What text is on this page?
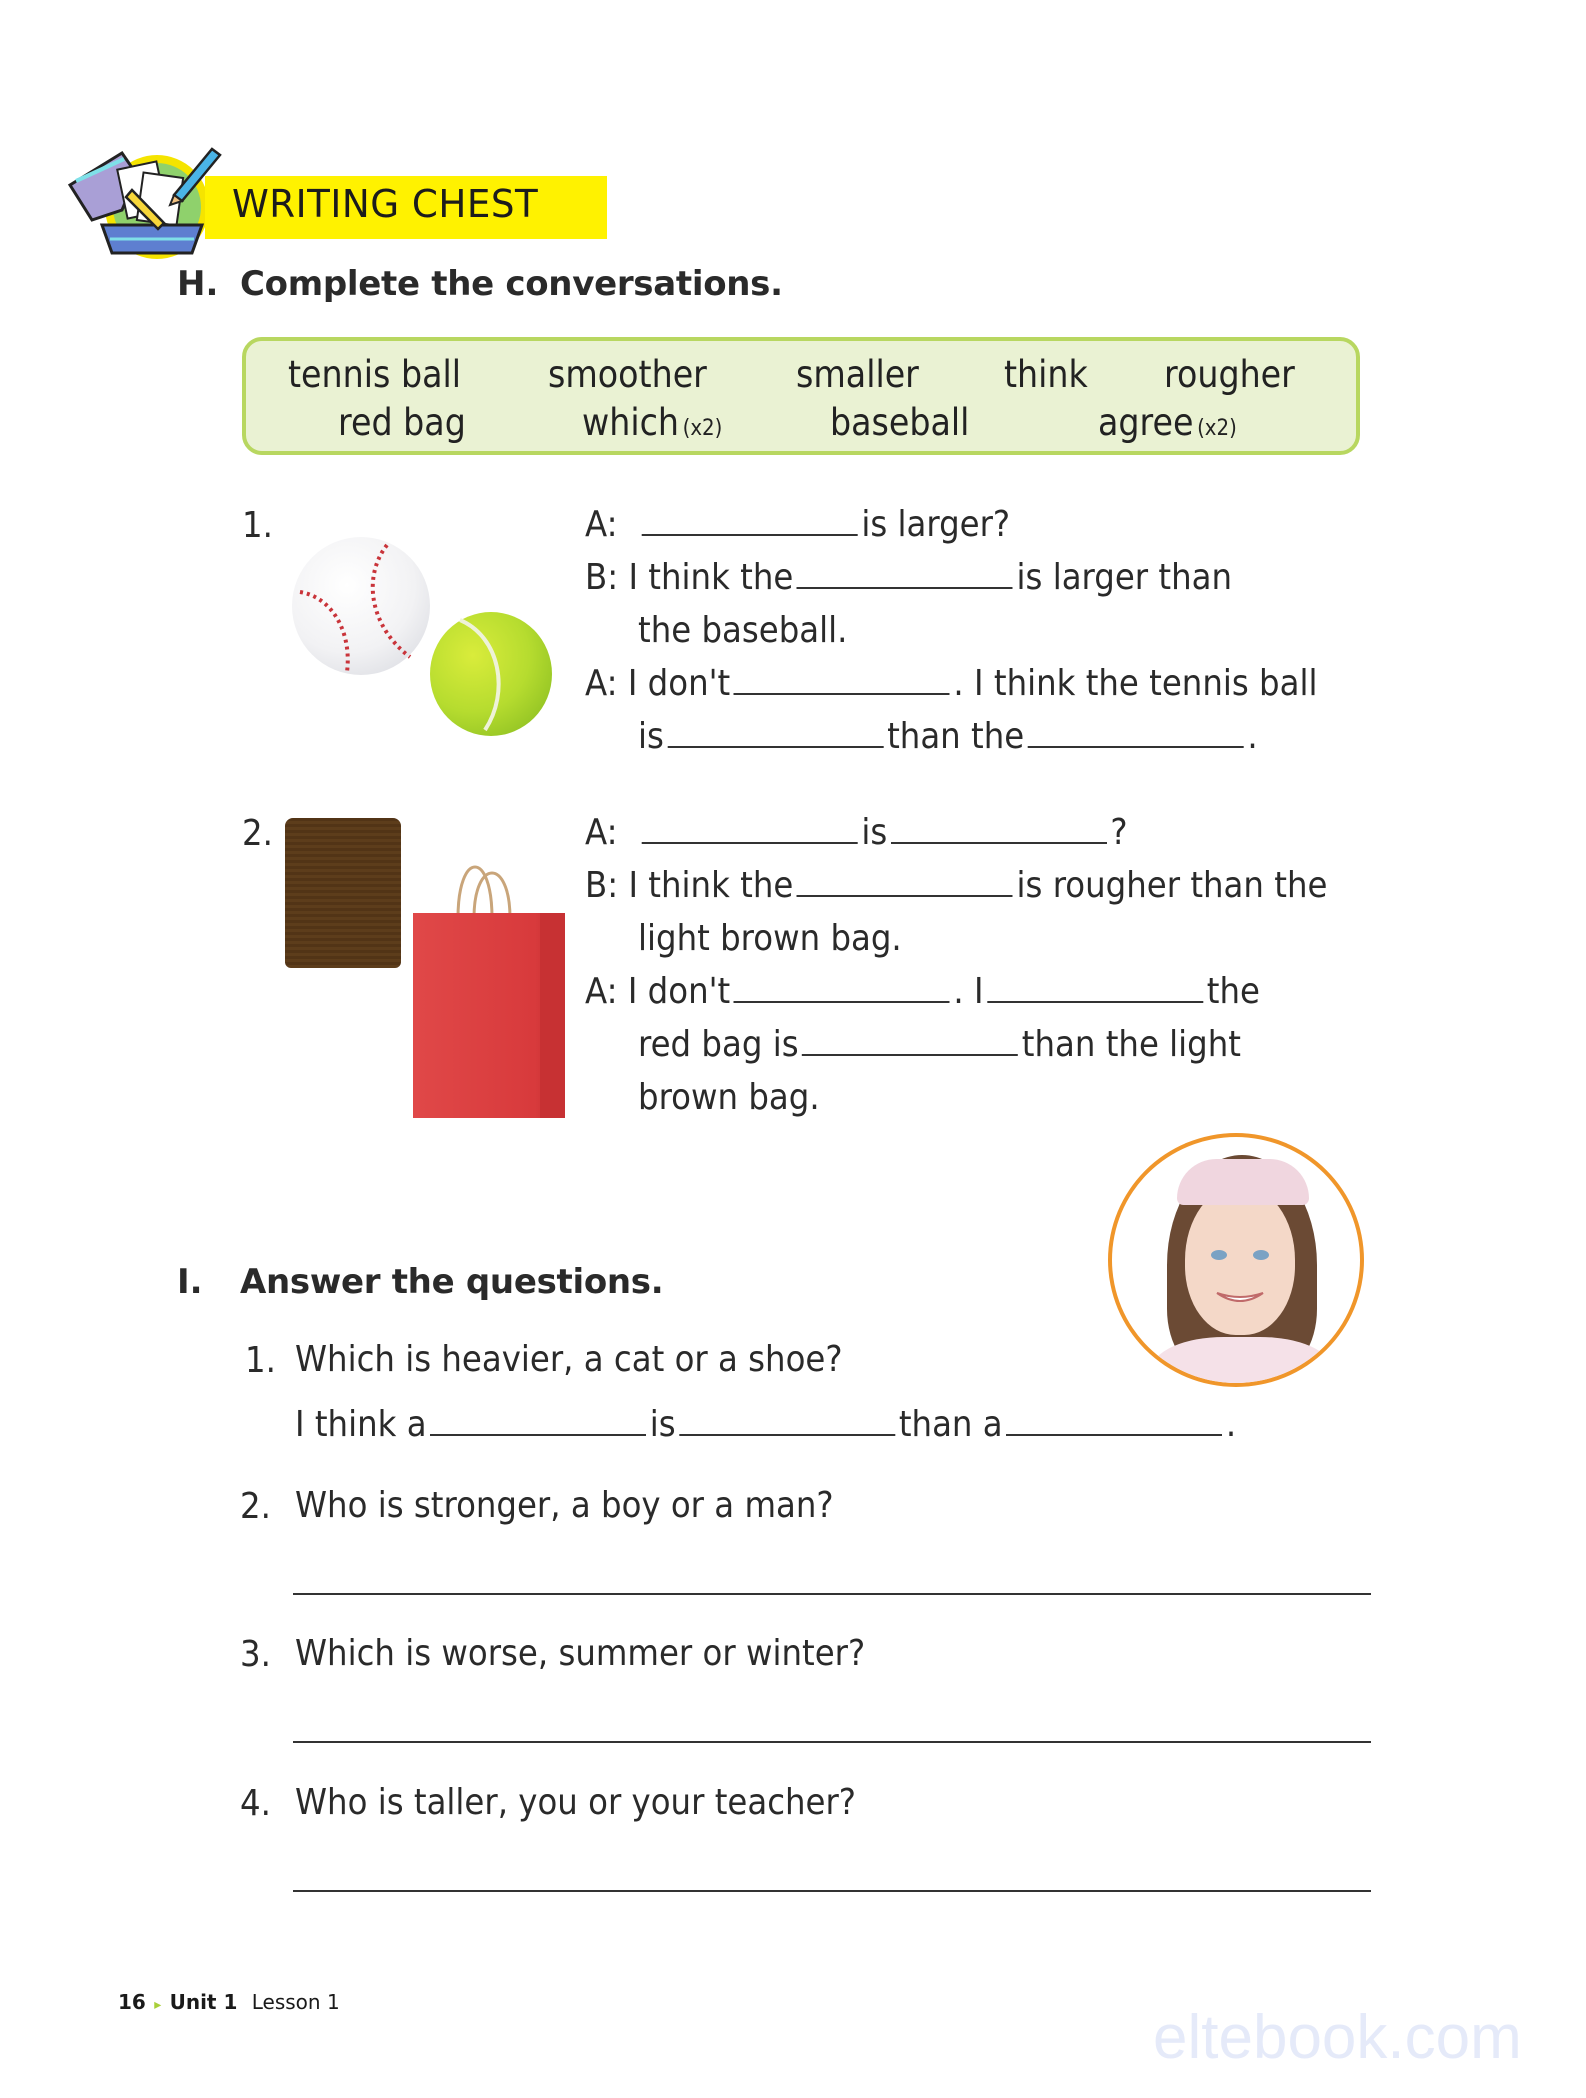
WRITING CHEST
H. Complete the conversations.
tennis ball smoother smaller think rougher
red bag	which (x2)	baseball	agree (x2)
1.	A:	is larger?
B: I think the	is larger than
the baseball.
A: I don't	. I think the tennis ball
is	than the	.
2.	A:	is	?
B: I think the	is rougher than the
light brown bag.
A: I don't	. I	the
red bag is	than the light
brown bag.
I. Answer the questions.
1. Which is heavier, a cat or a shoe?
I think a	is	than a	.
2. Who is stronger, a boy or a man?
3. Which is worse, summer or winter?
4. Who is taller, you or your teacher?
16 ▸ Unit 1 Lesson 1
eltebook.com
